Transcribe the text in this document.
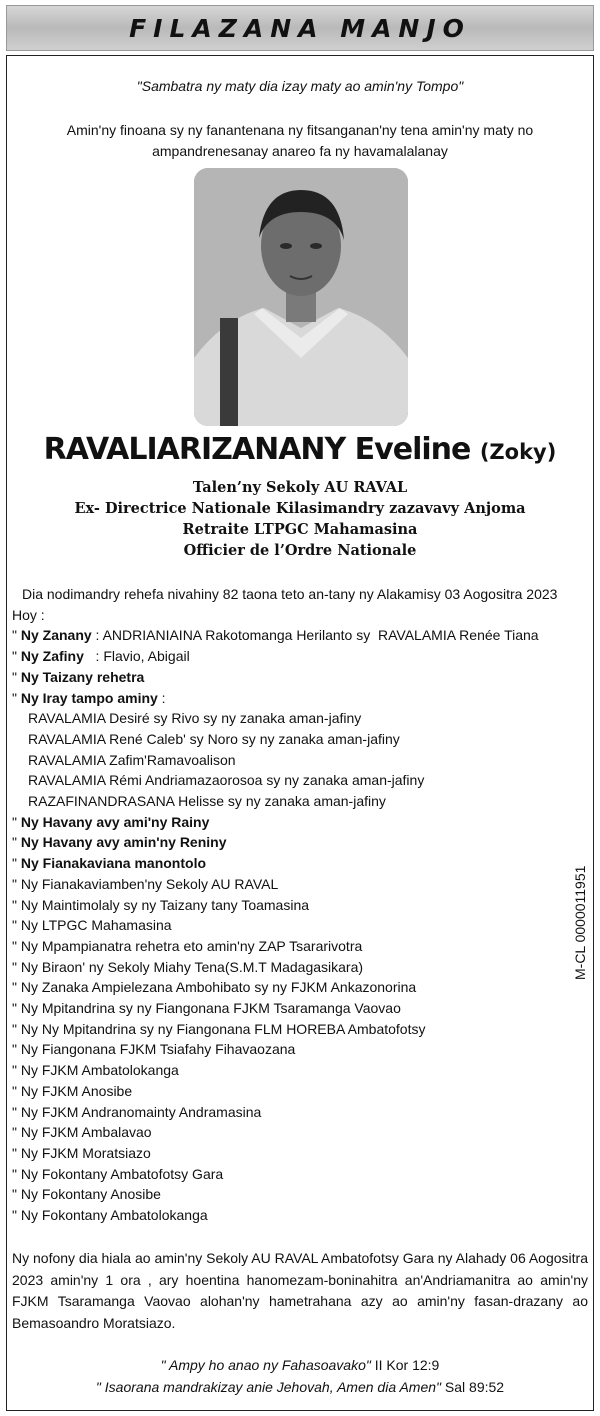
FILAZANA MANJO
"Sambatra ny maty dia izay maty ao amin'ny Tompo"
Amin'ny finoana sy ny fanantenana ny fitsanganan'ny tena amin'ny maty no ampandrenesanay anareo fa ny havamalalanay
RAVALIARIZANANY Eveline (Zoky)
Talen’ny Sekoly AU RAVAL
Ex- Directrice Nationale Kilasimandry zazavavy Anjoma
Retraite LTPGC Mahamasina
Officier de l’Ordre Nationale
Dia nodimandry rehefa nivahiny 82 taona teto an-tany ny Alakamisy 03 Aogositra 2023
Hoy :
" Ny Zanany : ANDRIANIAINA Rakotomanga Herilanto sy  RAVALAMIA Renée Tiana
" Ny Zafiny   : Flavio, Abigail
" Ny Taizany rehetra
" Ny Iray tampo aminy :
RAVALAMIA Desiré sy Rivo sy ny zanaka aman-jafiny
RAVALAMIA René Caleb' sy Noro sy ny zanaka aman-jafiny
RAVALAMIA Zafim'Ramavoalison
RAVALAMIA Rémi Andriamazaorosoa sy ny zanaka aman-jafiny
RAZAFINANDRASANA Helisse sy ny zanaka aman-jafiny
" Ny Havany avy ami'ny Rainy
" Ny Havany avy amin'ny Reniny
" Ny Fianakaviana manontolo
" Ny Fianakaviamben'ny Sekoly AU RAVAL
" Ny Maintimolaly sy ny Taizany tany Toamasina
" Ny LTPGC Mahamasina
" Ny Mpampianatra rehetra eto amin'ny ZAP Tsararivotra
" Ny Biraon' ny Sekoly Miahy Tena(S.M.T Madagasikara)
" Ny Zanaka Ampielezana Ambohibato sy ny FJKM Ankazonorina
" Ny Mpitandrina sy ny Fiangonana FJKM Tsaramanga Vaovao
" Ny Ny Mpitandrina sy ny Fiangonana FLM HOREBA Ambatofotsy
" Ny Fiangonana FJKM Tsiafahy Fihavaozana
" Ny FJKM Ambatolokanga
" Ny FJKM Anosibe
" Ny FJKM Andranomainty Andramasina
" Ny FJKM Ambalavao
" Ny FJKM Moratsiazo
" Ny Fokontany Ambatofotsy Gara
" Ny Fokontany Anosibe
" Ny Fokontany Ambatolokanga
M-CL 0000011951
Ny nofony dia hiala ao amin'ny Sekoly AU RAVAL Ambatofotsy Gara ny Alahady 06 Aogositra 2023 amin'ny 1 ora , ary hoentina hanomezam-boninahitra an'Andriamanitra ao amin'ny FJKM Tsaramanga Vaovao alohan'ny hametrahana azy ao amin'ny fasan-drazany ao Bemasoandro Moratsiazo.
" Ampy ho anao ny Fahasoavako" II Kor 12:9
" Isaorana mandrakizay anie Jehovah, Amen dia Amen" Sal 89:52
